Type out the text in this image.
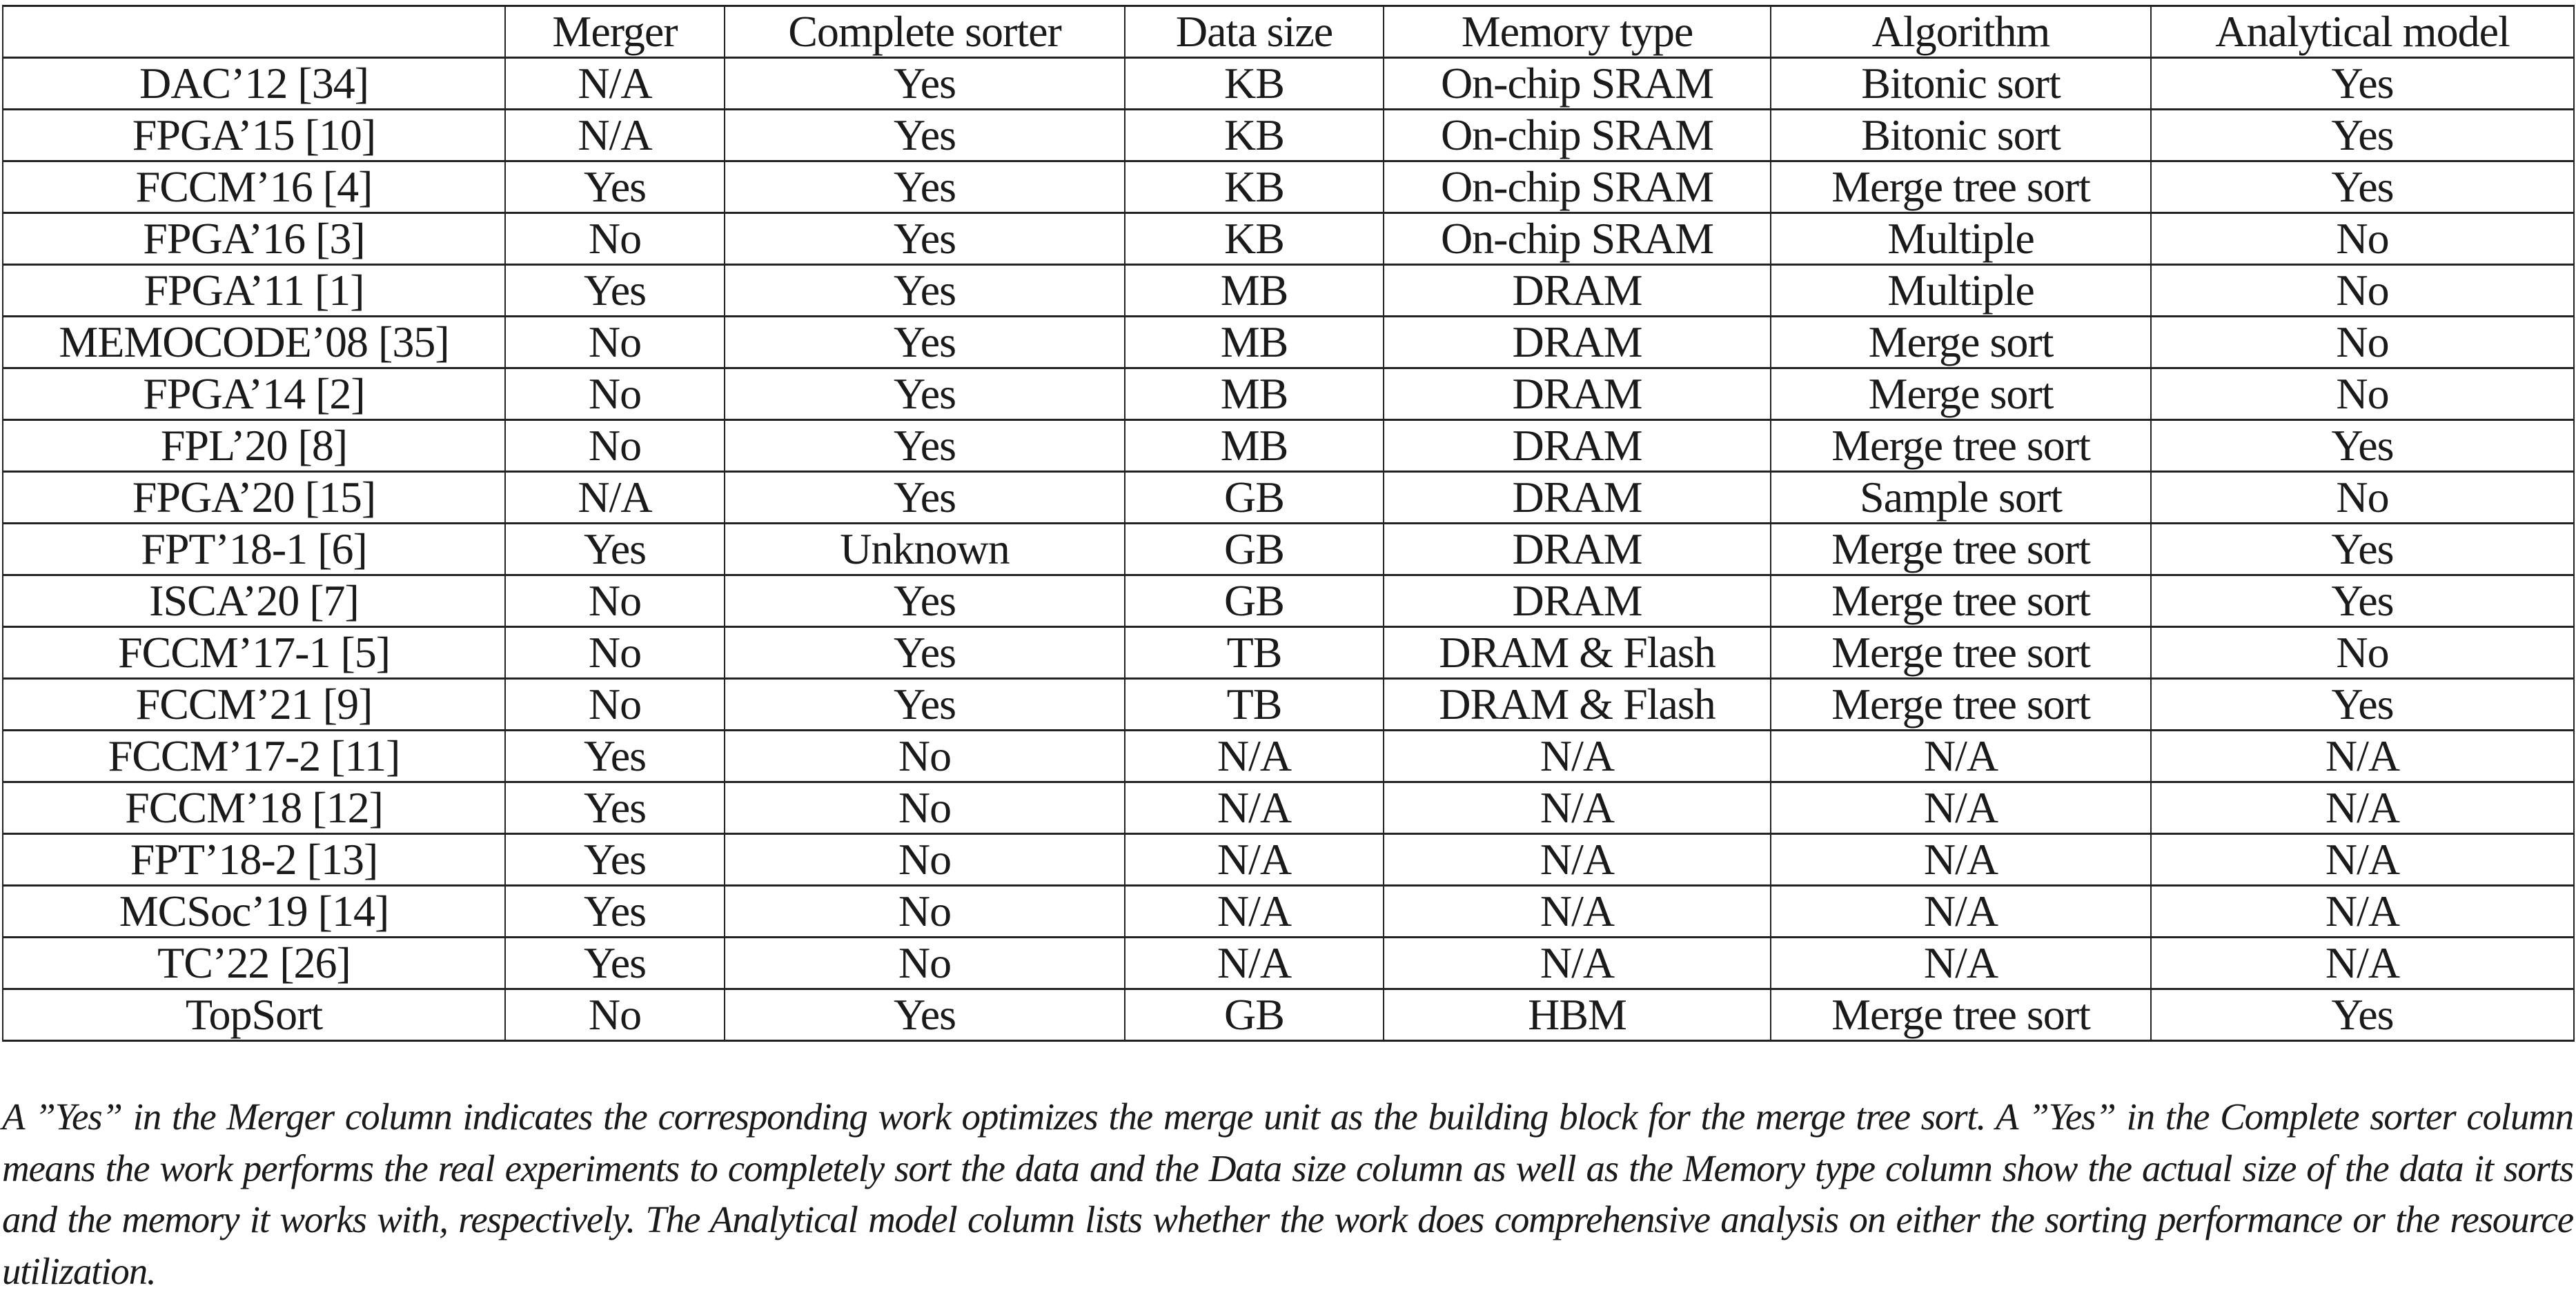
	Merger	Complete sorter	Data size	Memory type	Algorithm	Analytical model
DAC’12 [34]	N/A	Yes	KB	On-chip SRAM	Bitonic sort	Yes
FPGA’15 [10]	N/A	Yes	KB	On-chip SRAM	Bitonic sort	Yes
FCCM’16 [4]	Yes	Yes	KB	On-chip SRAM	Merge tree sort	Yes
FPGA’16 [3]	No	Yes	KB	On-chip SRAM	Multiple	No
FPGA’11 [1]	Yes	Yes	MB	DRAM	Multiple	No
MEMOCODE’08 [35]	No	Yes	MB	DRAM	Merge sort	No
FPGA’14 [2]	No	Yes	MB	DRAM	Merge sort	No
FPL’20 [8]	No	Yes	MB	DRAM	Merge tree sort	Yes
FPGA’20 [15]	N/A	Yes	GB	DRAM	Sample sort	No
FPT’18-1 [6]	Yes	Unknown	GB	DRAM	Merge tree sort	Yes
ISCA’20 [7]	No	Yes	GB	DRAM	Merge tree sort	Yes
FCCM’17-1 [5]	No	Yes	TB	DRAM & Flash	Merge tree sort	No
FCCM’21 [9]	No	Yes	TB	DRAM & Flash	Merge tree sort	Yes
FCCM’17-2 [11]	Yes	No	N/A	N/A	N/A	N/A
FCCM’18 [12]	Yes	No	N/A	N/A	N/A	N/A
FPT’18-2 [13]	Yes	No	N/A	N/A	N/A	N/A
MCSoc’19 [14]	Yes	No	N/A	N/A	N/A	N/A
TC’22 [26]	Yes	No	N/A	N/A	N/A	N/A
TopSort	No	Yes	GB	HBM	Merge tree sort	Yes
A ”Yes” in the Merger column indicates the corresponding work optimizes the merge unit as the building block for the merge tree sort. A ”Yes” in the Complete sorter column means the work performs the real experiments to completely sort the data and the Data size column as well as the Memory type column show the actual size of the data it sorts and the memory it works with, respectively. The Analytical model column lists whether the work does comprehensive analysis on either the sorting performance or the resource utilization.
